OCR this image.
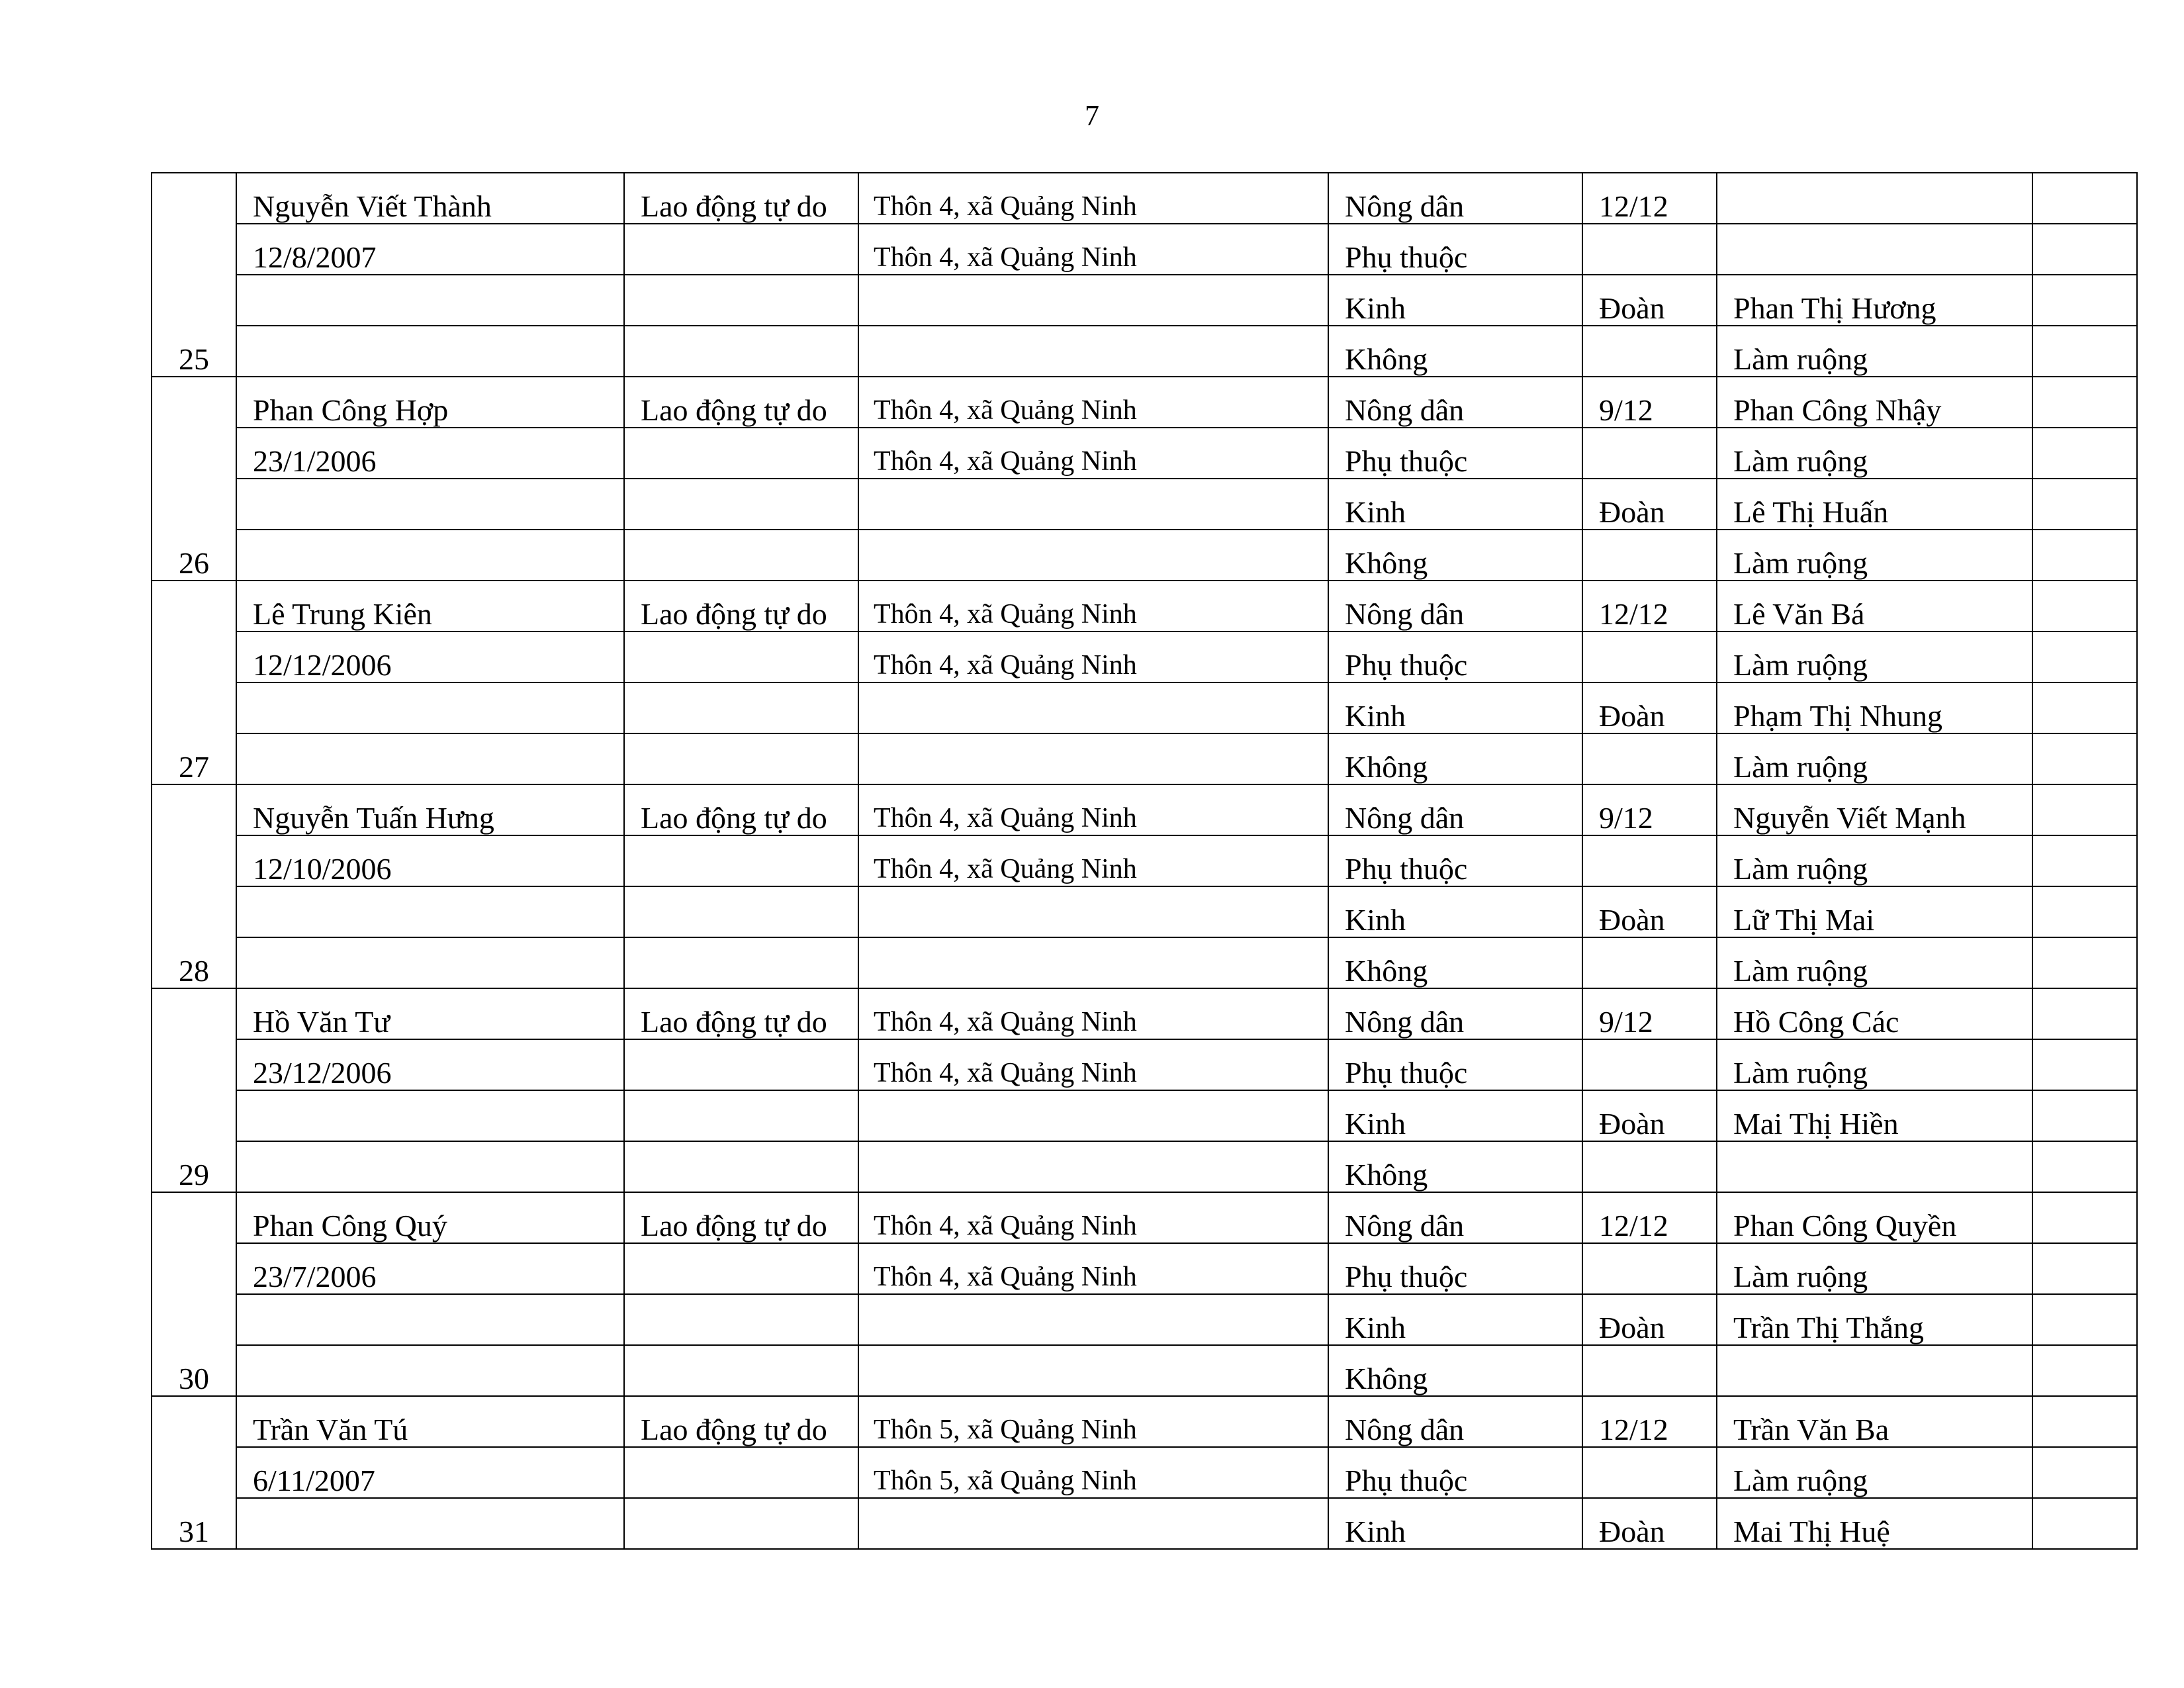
7
25	Nguyễn Viết Thành	Lao động tự do	Thôn 4, xã Quảng Ninh	Nông dân	12/12		
	12/8/2007		Thôn 4, xã Quảng Ninh	Phụ thuộc			
				Kinh	Đoàn	Phan Thị Hương	
				Không		Làm ruộng	
26	Phan Công Hợp	Lao động tự do	Thôn 4, xã Quảng Ninh	Nông dân	9/12	Phan Công Nhậy	
	23/1/2006		Thôn 4, xã Quảng Ninh	Phụ thuộc		Làm ruộng	
				Kinh	Đoàn	Lê Thị Huấn	
				Không		Làm ruộng	
27	Lê Trung Kiên	Lao động tự do	Thôn 4, xã Quảng Ninh	Nông dân	12/12	Lê Văn Bá	
	12/12/2006		Thôn 4, xã Quảng Ninh	Phụ thuộc		Làm ruộng	
				Kinh	Đoàn	Phạm Thị Nhung	
				Không		Làm ruộng	
28	Nguyễn Tuấn Hưng	Lao động tự do	Thôn 4, xã Quảng Ninh	Nông dân	9/12	Nguyễn Viết Mạnh	
	12/10/2006		Thôn 4, xã Quảng Ninh	Phụ thuộc		Làm ruộng	
				Kinh	Đoàn	Lữ Thị Mai	
				Không		Làm ruộng	
29	Hồ Văn Tư	Lao động tự do	Thôn 4, xã Quảng Ninh	Nông dân	9/12	Hồ Công Các	
	23/12/2006		Thôn 4, xã Quảng Ninh	Phụ thuộc		Làm ruộng	
				Kinh	Đoàn	Mai Thị Hiền	
				Không			
30	Phan Công Quý	Lao động tự do	Thôn 4, xã Quảng Ninh	Nông dân	12/12	Phan Công Quyền	
	23/7/2006		Thôn 4, xã Quảng Ninh	Phụ thuộc		Làm ruộng	
				Kinh	Đoàn	Trần Thị Thắng	
				Không			
31	Trần Văn Tú	Lao động tự do	Thôn 5, xã Quảng Ninh	Nông dân	12/12	Trần Văn Ba	
	6/11/2007		Thôn 5, xã Quảng Ninh	Phụ thuộc		Làm ruộng	
				Kinh	Đoàn	Mai Thị Huệ	
